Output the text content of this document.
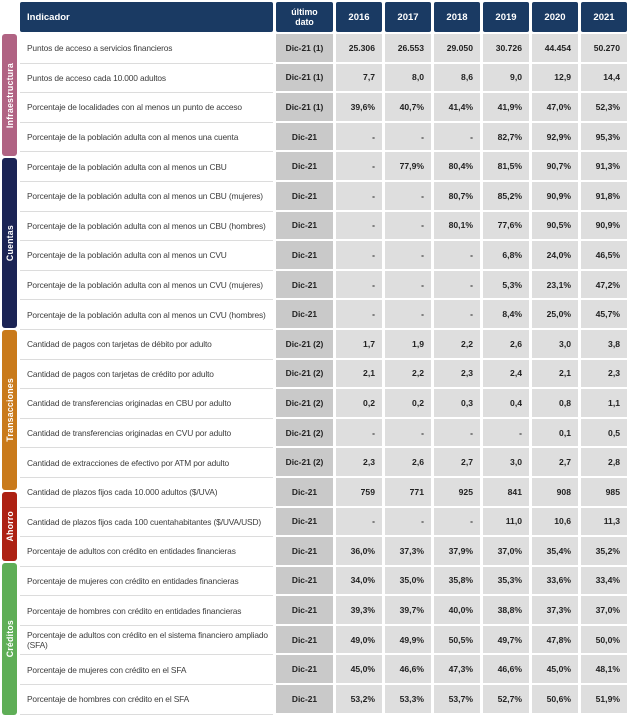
Indicador	último dato	2016	2017	2018	2019	2020	2021
Infraestructura
Cuentas
Transacciones
Ahorro
Créditos
Puntos de acceso a servicios financieros	Dic-21 (1)	25.306	26.553	29.050	30.726	44.454	50.270
Puntos de acceso cada 10.000 adultos	Dic-21 (1)	7,7	8,0	8,6	9,0	12,9	14,4
Porcentaje de localidades con al menos un punto de acceso	Dic-21 (1)	39,6%	40,7%	41,4%	41,9%	47,0%	52,3%
Porcentaje de la población adulta con al menos una cuenta	Dic-21	-	-	-	82,7%	92,9%	95,3%
Porcentaje de la población adulta con al menos un CBU	Dic-21	-	77,9%	80,4%	81,5%	90,7%	91,3%
Porcentaje de la población adulta con al menos un CBU (mujeres)	Dic-21	-	-	80,7%	85,2%	90,9%	91,8%
Porcentaje de la población adulta con al menos un CBU (hombres)	Dic-21	-	-	80,1%	77,6%	90,5%	90,9%
Porcentaje de la población adulta con al menos un CVU	Dic-21	-	-	-	6,8%	24,0%	46,5%
Porcentaje de la población adulta con al menos un CVU (mujeres)	Dic-21	-	-	-	5,3%	23,1%	47,2%
Porcentaje de la población adulta con al menos un CVU (hombres)	Dic-21	-	-	-	8,4%	25,0%	45,7%
Cantidad de pagos con tarjetas de débito por adulto	Dic-21 (2)	1,7	1,9	2,2	2,6	3,0	3,8
Cantidad de pagos con tarjetas de crédito por adulto	Dic-21 (2)	2,1	2,2	2,3	2,4	2,1	2,3
Cantidad de transferencias originadas en CBU por adulto	Dic-21 (2)	0,2	0,2	0,3	0,4	0,8	1,1
Cantidad de transferencias originadas en CVU por adulto	Dic-21 (2)	-	-	-	-	0,1	0,5
Cantidad de extracciones de efectivo por ATM por adulto	Dic-21 (2)	2,3	2,6	2,7	3,0	2,7	2,8
Cantidad de plazos fijos cada 10.000 adultos ($/UVA)	Dic-21	759	771	925	841	908	985
Cantidad de plazos fijos cada 100 cuentahabitantes ($/UVA/USD)	Dic-21	-	-	-	11,0	10,6	11,3
Porcentaje de adultos con crédito en entidades financieras	Dic-21	36,0%	37,3%	37,9%	37,0%	35,4%	35,2%
Porcentaje de mujeres con crédito en entidades financieras	Dic-21	34,0%	35,0%	35,8%	35,3%	33,6%	33,4%
Porcentaje de hombres con crédito en entidades financieras	Dic-21	39,3%	39,7%	40,0%	38,8%	37,3%	37,0%
Porcentaje de adultos con crédito en el sistema financiero ampliado (SFA)
Dic-21	49,0%	49,9%	50,5%	49,7%	47,8%	50,0%
Porcentaje de mujeres con crédito en el SFA	Dic-21	45,0%	46,6%	47,3%	46,6%	45,0%	48,1%
Porcentaje de hombres con crédito en el SFA	Dic-21	53,2%	53,3%	53,7%	52,7%	50,6%	51,9%
